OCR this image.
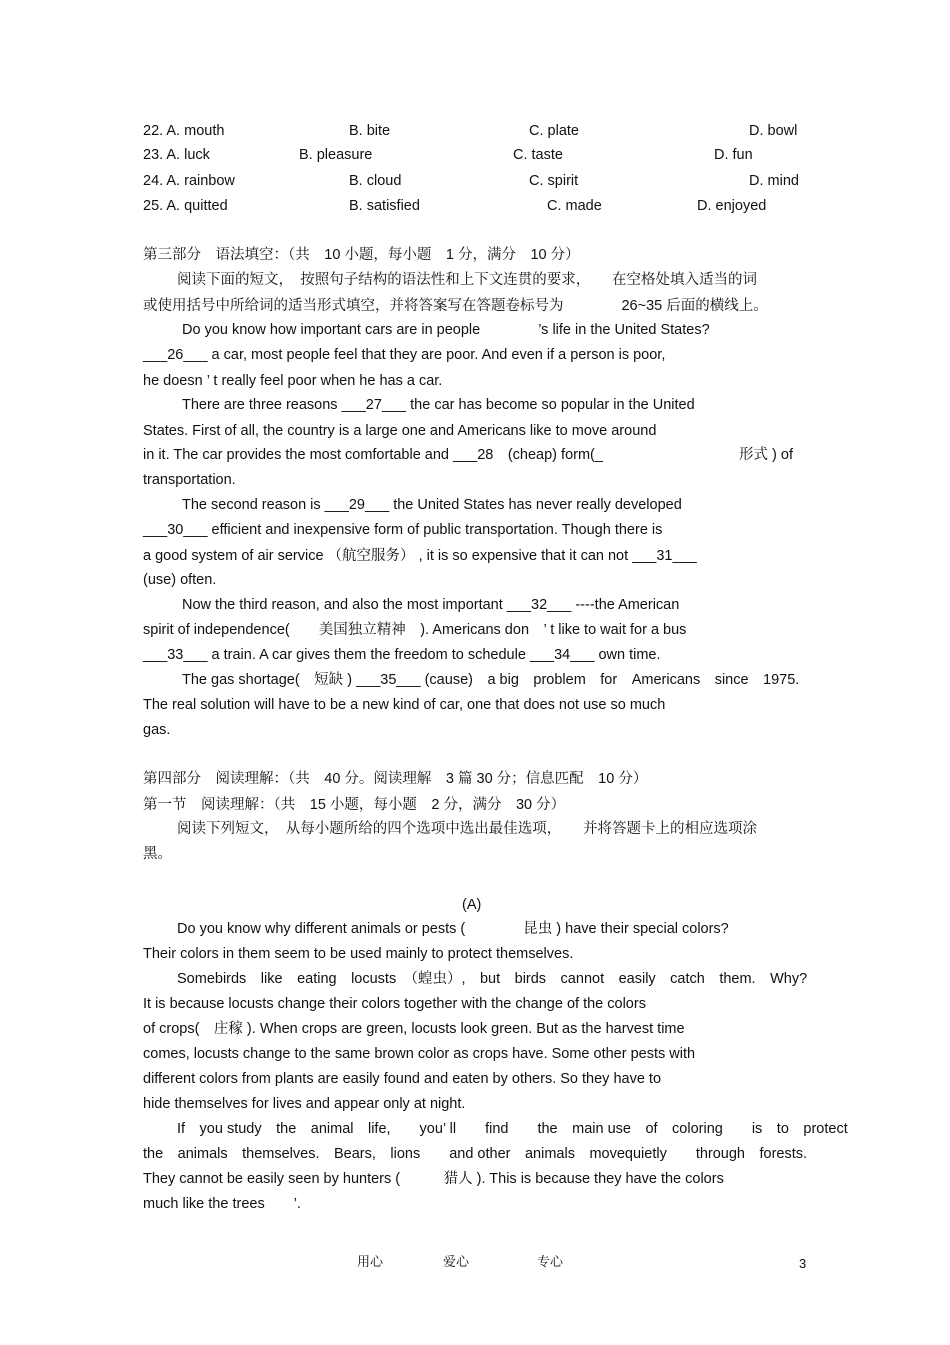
22. A. mouth	B. bite	C. plate	D. bowl
23. A. luck	B. pleasure	C. taste	D. fun
24. A. rainbow	B. cloud	C. spirit	D. mind
25. A. quitted	B. satisfied	C. made	D. enjoyed
第三部分　语法填空：（共　10 小题，每小题　1 分，满分　10 分）
阅读下面的短文，　按照句子结构的语法性和上下文连贯的要求，　　在空格处填入适当的词
或使用括号中所给词的适当形式填空，并将答案写在答题卷标号为　　　　26~35 后面的横线上。
Do you know how important cars are in people　　　　’s life in the United States?
___26___ a car, most people feel that they are poor. And even if a person is poor,
he doesn ’ t really feel poor when he has a car.
There are three reasons ___27___ the car has become so popular in the United
States. First of all, the country is a large one and Americans like to move around
in it. The car provides the most comfortable and ___28　(cheap) form(_	形式 ) of
transportation.
The second reason is ___29___ the United States has never really developed
___30___ efficient and inexpensive form of public transportation. Though there is
a good system of air service （航空服务） , it is so expensive that it can not ___31___
(use) often.
Now the third reason, and also the most important ___32___ ----the American
spirit of independence(　　美国独立精神　). Americans don　’ t like to wait for a bus
___33___ a train. A car gives them the freedom to schedule ___34___ own time.
The gas shortage(　短缺 ) ___35___ (cause)　a big　problem　for　Americans　since　1975.
The real solution will have to be a new kind of car, one that does not use so much
gas.
第四部分　阅读理解：（共　40 分。阅读理解　3 篇 30 分；信息匹配　10 分）
第一节　阅读理解：（共　15 小题，每小题　2 分，满分　30 分）
阅读下列短文，　从每小题所给的四个选项中选出最佳选项，　　并将答题卡上的相应选项涂
黑。
(A)
Do you know why different animals or pests (　　　　昆虫 ) have their special colors?
Their colors in them seem to be used mainly to protect themselves.
Somebirds　like　eating　locusts　（蝗虫）,　but　birds　cannot　easily　catch　them.　Why?
It is because locusts change their colors together with the change of the colors
of crops(　庄稼 ). When crops are green, locusts look green. But as the harvest time
comes, locusts change to the same brown color as crops have. Some other pests with
different colors from plants are easily found and eaten by others. So they have to
hide themselves for lives and appear only at night.
If　you study　the　animal　life,　　you’ ll　　find　　the　main use　of　coloring　　is　to　protect
the　animals　themselves.　Bears,　lions　　and other　animals　movequietly　　through　forests.
They cannot be easily seen by hunters (　　　猎人 ). This is because they have the colors
much like the trees　　’.
用心	爱心	专心	3
